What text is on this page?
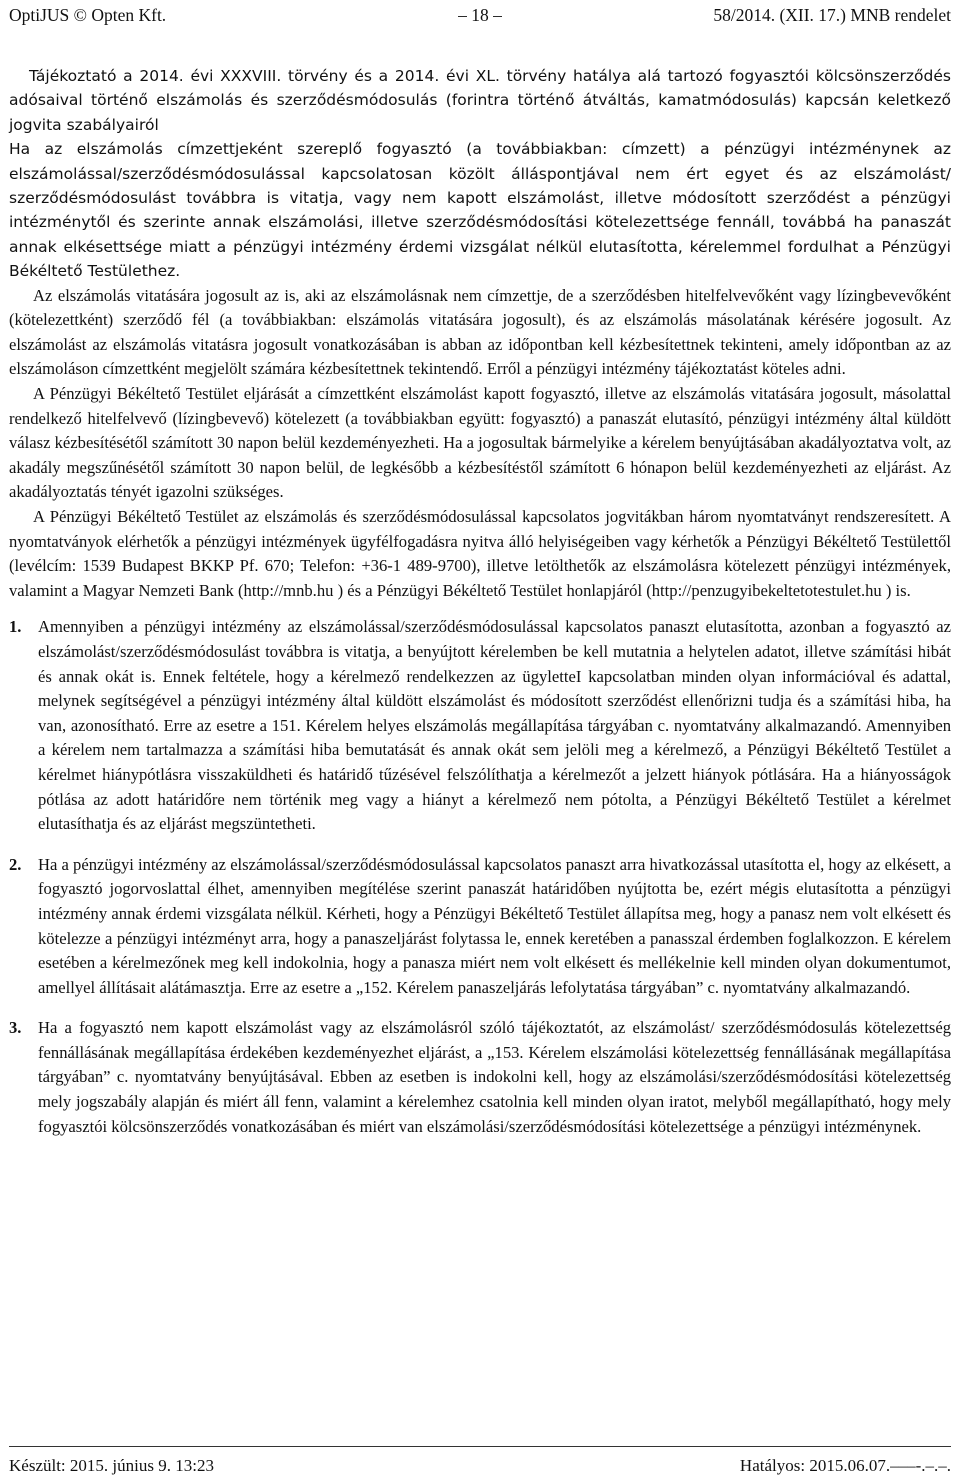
– 18 –
OptiJUS © Opten Kft.	58/2014. (XII. 17.) MNB rendelet

Tájékoztató a 2014. évi XXXVIII. törvény és a 2014. évi XL. törvény hatálya alá tartozó fogyasztói kölcsönszerződés adósaival történő elszámolás és szerződésmódosulás (forintra történő átváltás, kamatmódosulás) kapcsán keletkező jogvita szabályairól

Ha az elszámolás címzettjeként szereplő fogyasztó (a továbbiakban: címzett) a pénzügyi intézménynek az elszámolással/szerződésmódosulással kapcsolatosan közölt álláspontjával nem ért egyet és az elszámolást/ szerződésmódosulást továbbra is vitatja, vagy nem kapott elszámolást, illetve módosított szerződést a pénzügyi intézménytől és szerinte annak elszámolási, illetve szerződésmódosítási kötelezettsége fennáll, továbbá ha panaszát annak elkésettsége miatt a pénzügyi intézmény érdemi vizsgálat nélkül elutasította, kérelemmel fordulhat a Pénzügyi Békéltető Testülethez.

Az elszámolás vitatására jogosult az is, aki az elszámolásnak nem címzettje, de a szerződésben hitelfelvevőként vagy lízingbevevőként (kötelezettként) szerződő fél (a továbbiakban: elszámolás vitatására jogosult), és az elszámolás másolatának kérésére jogosult. Az elszámolást az elszámolás vitatásra jogosult vonatkozásában is abban az időpontban kell kézbesítettnek tekinteni, amely időpontban az az elszámoláson címzettként megjelölt számára kézbesítettnek tekintendő. Erről a pénzügyi intézmény tájékoztatást köteles adni.

A Pénzügyi Békéltető Testület eljárását a címzettként elszámolást kapott fogyasztó, illetve az elszámolás vitatására jogosult, másolattal rendelkező hitelfelvevő (lízingbevevő) kötelezett (a továbbiakban együtt: fogyasztó) a panaszát elutasító, pénzügyi intézmény által küldött válasz kézbesítésétől számított 30 napon belül kezdeményezheti. Ha a jogosultak bármelyike a kérelem benyújtásában akadályoztatva volt, az akadály megszűnésétől számított 30 napon belül, de legkésőbb a kézbesítéstől számított 6 hónapon belül kezdeményezheti az eljárást. Az akadályoztatás tényét igazolni szükséges.

A Pénzügyi Békéltető Testület az elszámolás és szerződésmódosulással kapcsolatos jogvitákban három nyomtatványt rendszeresített. A nyomtatványok elérhetők a pénzügyi intézmények ügyfélfogadásra nyitva álló helyiségeiben vagy kérhetők a Pénzügyi Békéltető Testülettől (levélcím: 1539 Budapest BKKP Pf. 670; Telefon: +36-1 489-9700), illetve letölthetők az elszámolásra kötelezett pénzügyi intézmények, valamint a Magyar Nemzeti Bank (http://mnb.hu ) és a Pénzügyi Békéltető Testület honlapjáról (http://penzugyibekeltetotestulet.hu ) is.

1. Amennyiben a pénzügyi intézmény az elszámolással/szerződésmódosulással kapcsolatos panaszt elutasította, azonban a fogyasztó az elszámolást/szerződésmódosulást továbbra is vitatja, a benyújtott kérelemben be kell mutatnia a helytelen adatot, illetve számítási hibát és annak okát is. Ennek feltétele, hogy a kérelmező rendelkezzen az ügyletteI kapcsolatban minden olyan információval és adattal, melynek segítségével a pénzügyi intézmény által küldött elszámolást és módosított szerződést ellenőrizni tudja és a számítási hiba, ha van, azonosítható. Erre az esetre a 151. Kérelem helyes elszámolás megállapítása tárgyában c. nyomtatvány alkalmazandó. Amennyiben a kérelem nem tartalmazza a számítási hiba bemutatását és annak okát sem jelöli meg a kérelmező, a Pénzügyi Békéltető Testület a kérelmet hiánypótlásra visszaküldheti és határidő tűzésével felszólíthatja a kérelmezőt a jelzett hiányok pótlására. Ha a hiányosságok pótlása az adott határidőre nem történik meg vagy a hiányt a kérelmező nem pótolta, a Pénzügyi Békéltető Testület a kérelmet elutasíthatja és az eljárást megszüntetheti.
2. Ha a pénzügyi intézmény az elszámolással/szerződésmódosulással kapcsolatos panaszt arra hivatkozással utasította el, hogy az elkésett, a fogyasztó jogorvoslattal élhet, amennyiben megítélése szerint panaszát határidőben nyújtotta be, ezért mégis elutasította a pénzügyi intézmény annak érdemi vizsgálata nélkül. Kérheti, hogy a Pénzügyi Békéltető Testület állapítsa meg, hogy a panasz nem volt elkésett és kötelezze a pénzügyi intézményt arra, hogy a panaszeljárást folytassa le, ennek keretében a panasszal érdemben foglalkozzon. E kérelem esetében a kérelmezőnek meg kell indokolnia, hogy a panasza miért nem volt elkésett és mellékelnie kell minden olyan dokumentumot, amellyel állításait alátámasztja. Erre az esetre a „152. Kérelem panaszeljárás lefolytatása tárgyában” c. nyomtatvány alkalmazandó.
3. Ha a fogyasztó nem kapott elszámolást vagy az elszámolásról szóló tájékoztatót, az elszámolást/ szerződésmódosulás kötelezettség fennállásának megállapítása érdekében kezdeményezhet eljárást, a „153. Kérelem elszámolási kötelezettség fennállásának megállapítása tárgyában” c. nyomtatvány benyújtásával. Ebben az esetben is indokolni kell, hogy az elszámolási/szerződésmódosítási kötelezettség mely jogszabály alapján és miért áll fenn, valamint a kérelemhez csatolnia kell minden olyan iratot, melyből megállapítható, hogy mely fogyasztói kölcsönszerződés vonatkozásában és miért van elszámolási/szerződésmódosítási kötelezettsége a pénzügyi intézménynek.
Készült: 2015. június 9. 13:23	Hatályos: 2015.06.07.–––-.–.–.
